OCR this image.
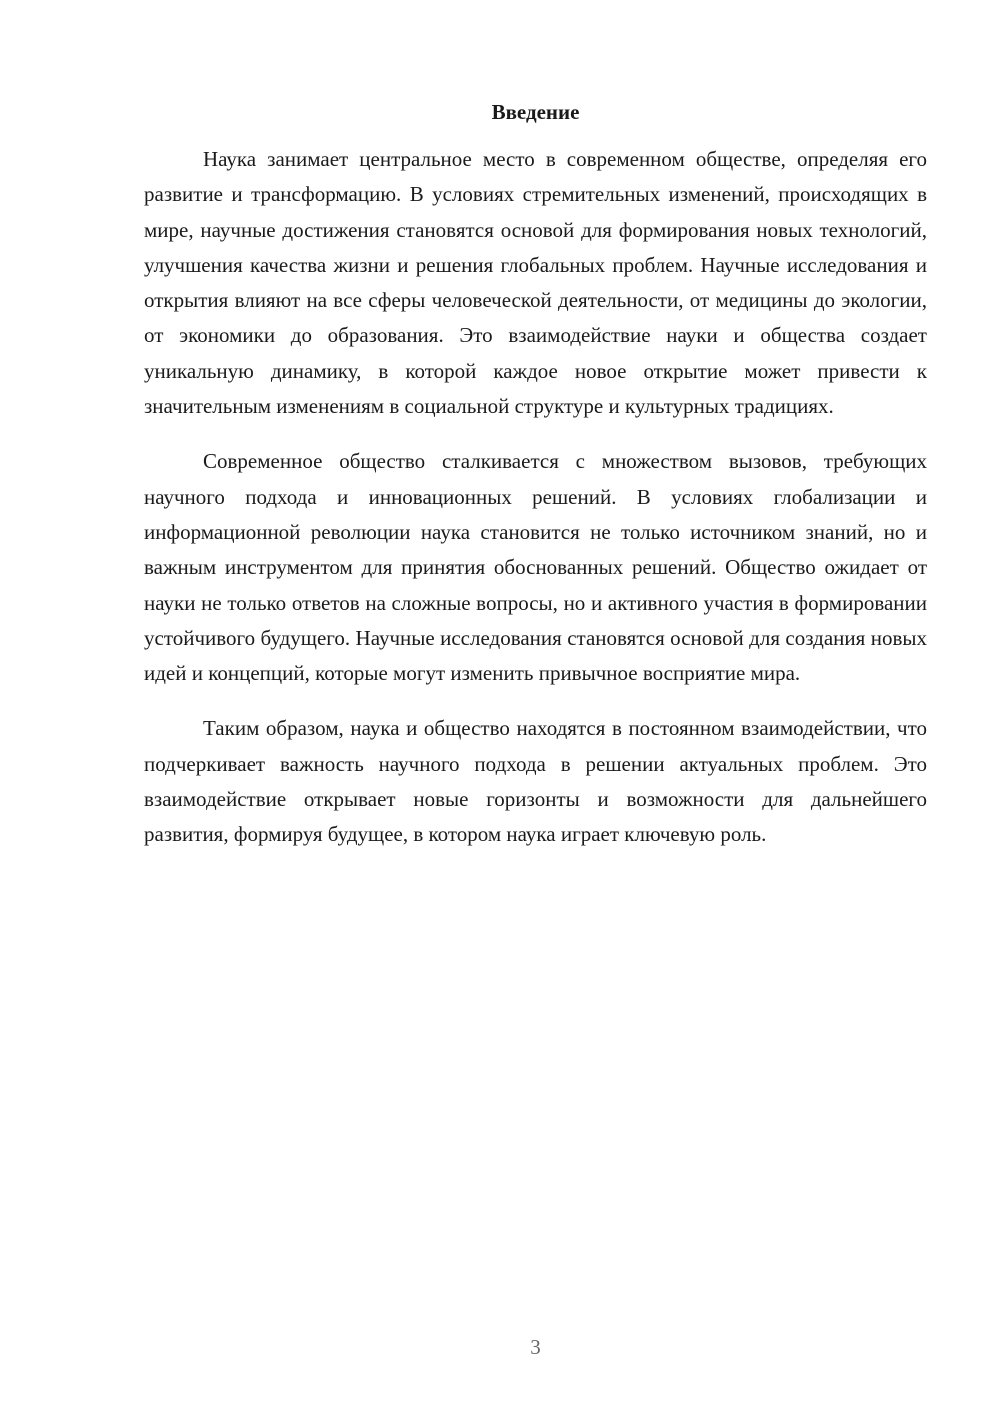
Введение

Наука занимает центральное место в современном обществе, определяя его развитие и трансформацию. В условиях стремительных изменений, происходящих в мире, научные достижения становятся основой для формирования новых технологий, улучшения качества жизни и решения глобальных проблем. Научные исследования и открытия влияют на все сферы человеческой деятельности, от медицины до экологии, от экономики до образования. Это взаимодействие науки и общества создает уникальную динамику, в которой каждое новое открытие может привести к значительным изменениям в социальной структуре и культурных традициях.

Современное общество сталкивается с множеством вызовов, требующих научного подхода и инновационных решений. В условиях глобализации и информационной революции наука становится не только источником знаний, но и важным инструментом для принятия обоснованных решений. Общество ожидает от науки не только ответов на сложные вопросы, но и активного участия в формировании устойчивого будущего. Научные исследования становятся основой для создания новых идей и концепций, которые могут изменить привычное восприятие мира.

Таким образом, наука и общество находятся в постоянном взаимодействии, что подчеркивает важность научного подхода в решении актуальных проблем. Это взаимодействие открывает новые горизонты и возможности для дальнейшего развития, формируя будущее, в котором наука играет ключевую роль.

3
